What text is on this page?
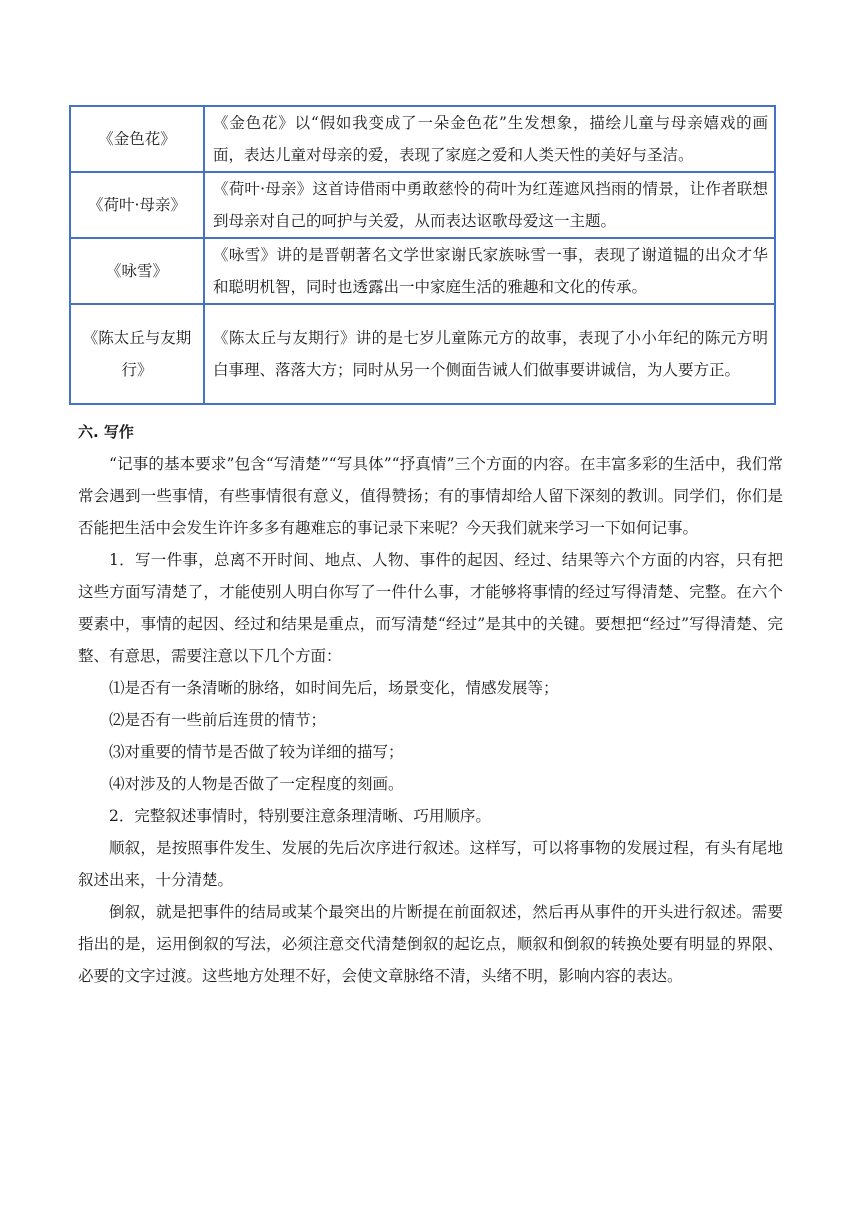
《金色花》	《金色花》以“假如我变成了一朵金色花”生发想象，描绘儿童与母亲嬉戏的画面，表达儿童对母亲的爱，表现了家庭之爱和人类天性的美好与圣洁。
《荷叶·母亲》	《荷叶·母亲》这首诗借雨中勇敢慈怜的荷叶为红莲遮风挡雨的情景，让作者联想到母亲对自己的呵护与关爱，从而表达讴歌母爱这一主题。
《咏雪》	《咏雪》讲的是晋朝著名文学世家谢氏家族咏雪一事，表现了谢道韫的出众才华和聪明机智，同时也透露出一中家庭生活的雅趣和文化的传承。
《陈太丘与友期行》	《陈太丘与友期行》讲的是七岁儿童陈元方的故事，表现了小小年纪的陈元方明白事理、落落大方；同时从另一个侧面告诫人们做事要讲诚信，为人要方正。

六. 写作

“记事的基本要求”包含“写清楚”“写具体”“抒真情”三个方面的内容。在丰富多彩的生活中，我们常常会遇到一些事情，有些事情很有意义，值得赞扬；有的事情却给人留下深刻的教训。同学们，你们是否能把生活中会发生许许多多有趣难忘的事记录下来呢？今天我们就来学习一下如何记事。

1．写一件事，总离不开时间、地点、人物、事件的起因、经过、结果等六个方面的内容，只有把这些方面写清楚了，才能使别人明白你写了一件什么事，才能够将事情的经过写得清楚、完整。在六个要素中，事情的起因、经过和结果是重点，而写清楚“经过”是其中的关键。要想把“经过”写得清楚、完整、有意思，需要注意以下几个方面：

⑴是否有一条清晰的脉络，如时间先后，场景变化，情感发展等；

⑵是否有一些前后连贯的情节；

⑶对重要的情节是否做了较为详细的描写；

⑷对涉及的人物是否做了一定程度的刻画。

2．完整叙述事情时，特别要注意条理清晰、巧用顺序。

顺叙，是按照事件发生、发展的先后次序进行叙述。这样写，可以将事物的发展过程，有头有尾地叙述出来，十分清楚。

倒叙，就是把事件的结局或某个最突出的片断提在前面叙述，然后再从事件的开头进行叙述。需要指出的是，运用倒叙的写法，必须注意交代清楚倒叙的起讫点，顺叙和倒叙的转换处要有明显的界限、必要的文字过渡。这些地方处理不好，会使文章脉络不清，头绪不明，影响内容的表达。
